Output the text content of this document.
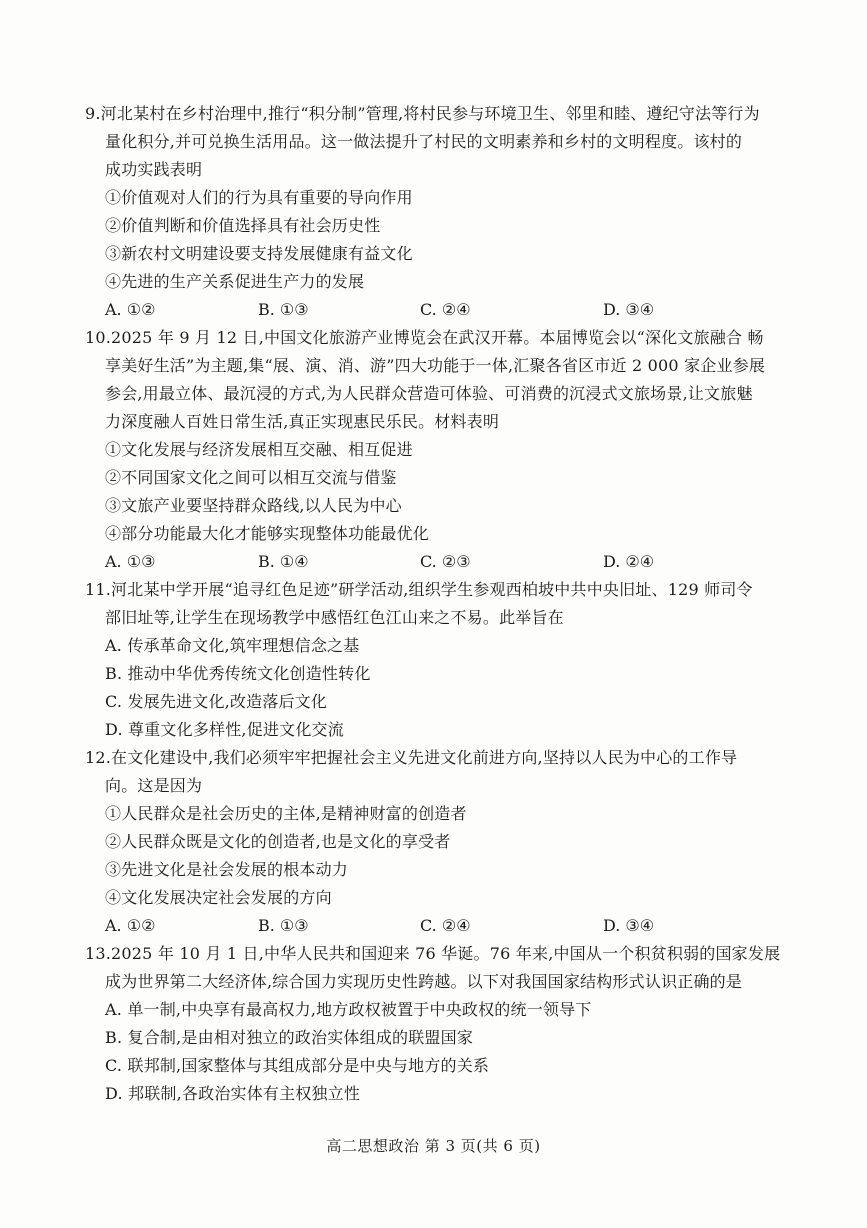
9.河北某村在乡村治理中,推行“积分制”管理,将村民参与环境卫生、邻里和睦、遵纪守法等行为
量化积分,并可兑换生活用品。这一做法提升了村民的文明素养和乡村的文明程度。该村的
成功实践表明
①价值观对人们的行为具有重要的导向作用
②价值判断和价值选择具有社会历史性
③新农村文明建设要支持发展健康有益文化
④先进的生产关系促进生产力的发展
A. ①②	B. ①③	C. ②④	D. ③④
10.2025 年 9 月 12 日,中国文化旅游产业博览会在武汉开幕。本届博览会以“深化文旅融合 畅
享美好生活”为主题,集“展、演、消、游”四大功能于一体,汇聚各省区市近 2 000 家企业参展
参会,用最立体、最沉浸的方式,为人民群众营造可体验、可消费的沉浸式文旅场景,让文旅魅
力深度融人百姓日常生活,真正实现惠民乐民。材料表明
①文化发展与经济发展相互交融、相互促进
②不同国家文化之间可以相互交流与借鉴
③文旅产业要坚持群众路线,以人民为中心
④部分功能最大化才能够实现整体功能最优化
A. ①③	B. ①④	C. ②③	D. ②④
11.河北某中学开展“追寻红色足迹”研学活动,组织学生参观西柏坡中共中央旧址、129 师司令
部旧址等,让学生在现场教学中感悟红色江山来之不易。此举旨在
A. 传承革命文化,筑牢理想信念之基
B. 推动中华优秀传统文化创造性转化
C. 发展先进文化,改造落后文化
D. 尊重文化多样性,促进文化交流
12.在文化建设中,我们必须牢牢把握社会主义先进文化前进方向,坚持以人民为中心的工作导
向。这是因为
①人民群众是社会历史的主体,是精神财富的创造者
②人民群众既是文化的创造者,也是文化的享受者
③先进文化是社会发展的根本动力
④文化发展决定社会发展的方向
A. ①②	B. ①③	C. ②④	D. ③④
13.2025 年 10 月 1 日,中华人民共和国迎来 76 华诞。76 年来,中国从一个积贫积弱的国家发展
成为世界第二大经济体,综合国力实现历史性跨越。以下对我国国家结构形式认识正确的是
A. 单一制,中央享有最高权力,地方政权被置于中央政权的统一领导下
B. 复合制,是由相对独立的政治实体组成的联盟国家
C. 联邦制,国家整体与其组成部分是中央与地方的关系
D. 邦联制,各政治实体有主权独立性
高二思想政治 第 3 页(共 6 页)
